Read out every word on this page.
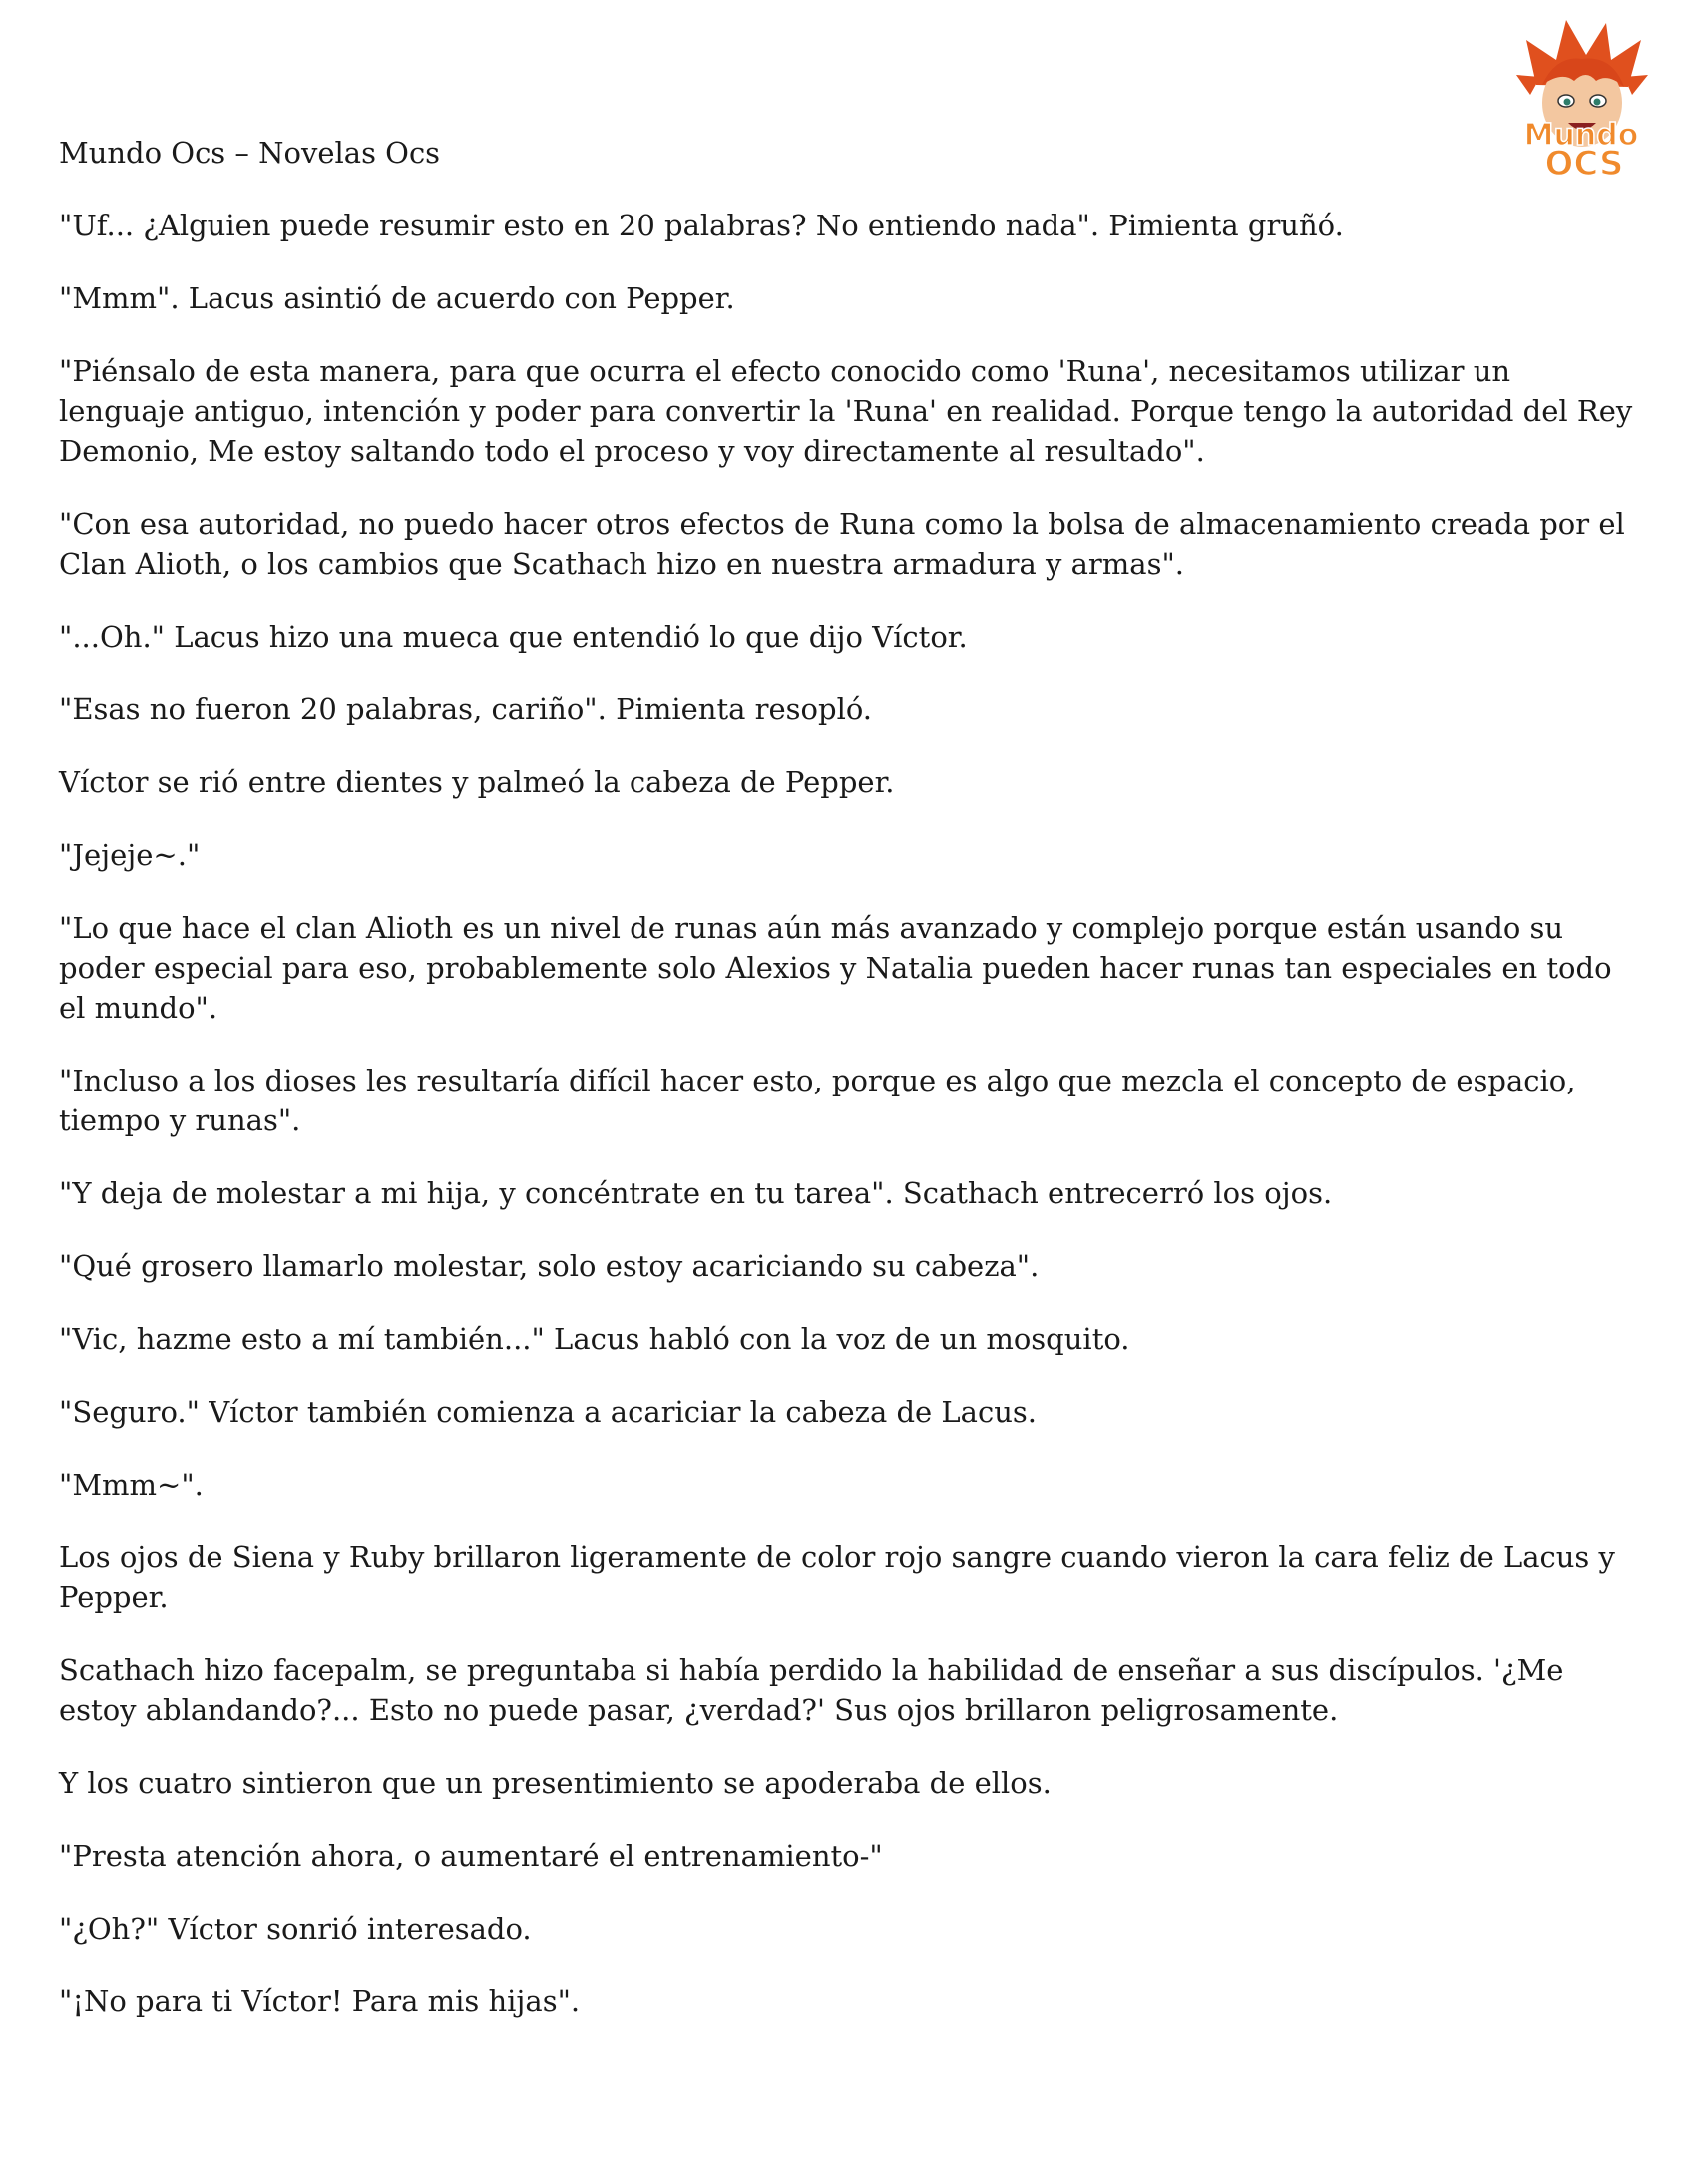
Mundo
OCS
Mundo Ocs – Novelas Ocs

"Uf... ¿Alguien puede resumir esto en 20 palabras? No entiendo nada". Pimienta gruñó.

"Mmm". Lacus asintió de acuerdo con Pepper.

"Piénsalo de esta manera, para que ocurra el efecto conocido como 'Runa', necesitamos utilizar un lenguaje antiguo, intención y poder para convertir la 'Runa' en realidad. Porque tengo la autoridad del Rey Demonio, Me estoy saltando todo el proceso y voy directamente al resultado".

"Con esa autoridad, no puedo hacer otros efectos de Runa como la bolsa de almacenamiento creada por el Clan Alioth, o los cambios que Scathach hizo en nuestra armadura y armas".

"...Oh." Lacus hizo una mueca que entendió lo que dijo Víctor.

"Esas no fueron 20 palabras, cariño". Pimienta resopló.

Víctor se rió entre dientes y palmeó la cabeza de Pepper.

"Jejeje~."

"Lo que hace el clan Alioth es un nivel de runas aún más avanzado y complejo porque están usando su poder especial para eso, probablemente solo Alexios y Natalia pueden hacer runas tan especiales en todo el mundo".

"Incluso a los dioses les resultaría difícil hacer esto, porque es algo que mezcla el concepto de espacio, tiempo y runas".

"Y deja de molestar a mi hija, y concéntrate en tu tarea". Scathach entrecerró los ojos.

"Qué grosero llamarlo molestar, solo estoy acariciando su cabeza".

"Vic, hazme esto a mí también..." Lacus habló con la voz de un mosquito.

"Seguro." Víctor también comienza a acariciar la cabeza de Lacus.

"Mmm~".

Los ojos de Siena y Ruby brillaron ligeramente de color rojo sangre cuando vieron la cara feliz de Lacus y Pepper.

Scathach hizo facepalm, se preguntaba si había perdido la habilidad de enseñar a sus discípulos. '¿Me estoy ablandando?... Esto no puede pasar, ¿verdad?' Sus ojos brillaron peligrosamente.

Y los cuatro sintieron que un presentimiento se apoderaba de ellos.

"Presta atención ahora, o aumentaré el entrenamiento-"

"¿Oh?" Víctor sonrió interesado.

"¡No para ti Víctor! Para mis hijas".
